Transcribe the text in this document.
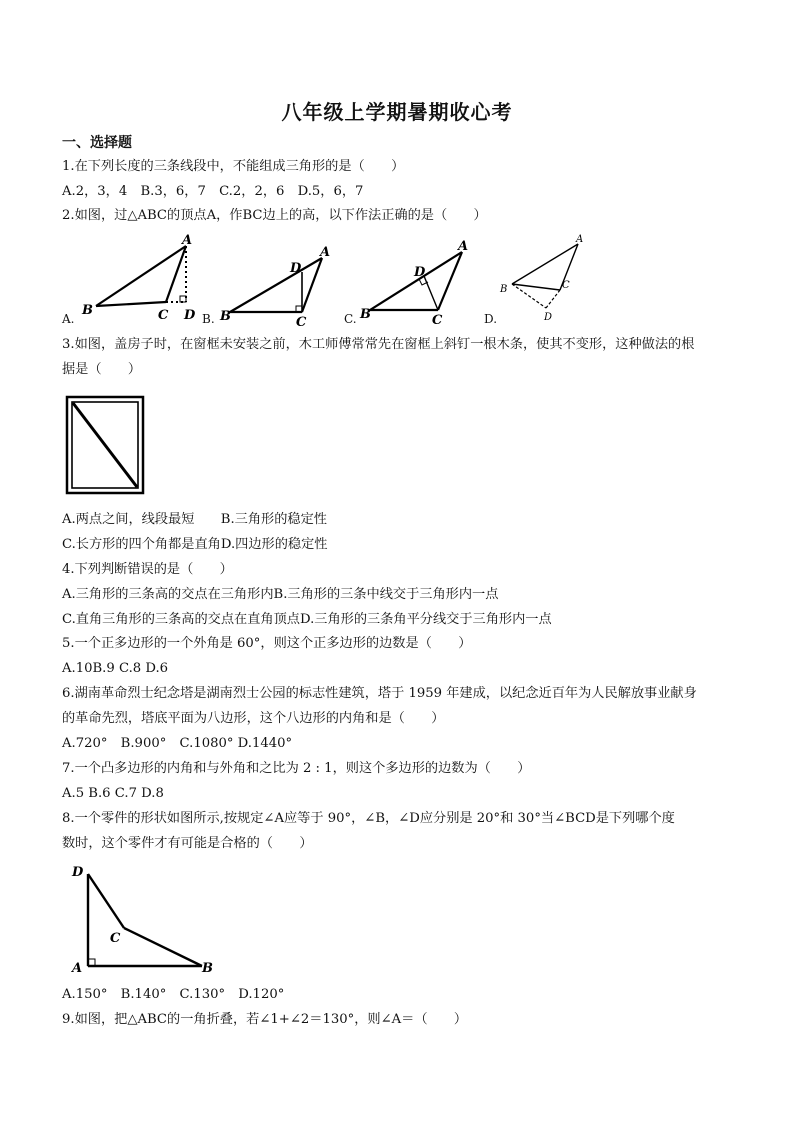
八年级上学期暑期收心考
一、选择题
1.在下列长度的三条线段中，不能组成三角形的是（　　）
A.2，3，4　B.3，6，7　C.2，2，6　D.5，6，7
2.如图，过△ABC的顶点A，作BC边上的高，以下作法正确的是（　　）
A
B	C D
A
B	C
D
A
B	C
D
A
B	C
D
A.	B.	C.	D.
3.如图，盖房子时，在窗框未安装之前，木工师傅常常先在窗框上斜钉一根木条，使其不变形，这种做法的根
据是（　　）
A.两点之间，线段最短　　B.三角形的稳定性
C.长方形的四个角都是直角D.四边形的稳定性
4.下列判断错误的是（　　）
A.三角形的三条高的交点在三角形内B.三角形的三条中线交于三角形内一点
C.直角三角形的三条高的交点在直角顶点D.三角形的三条角平分线交于三角形内一点
5.一个正多边形的一个外角是 60°，则这个正多边形的边数是（　　）
A.10B.9 C.8 D.6
6.湖南革命烈士纪念塔是湖南烈士公园的标志性建筑，塔于 1959 年建成，以纪念近百年为人民解放事业献身
的革命先烈，塔底平面为八边形，这个八边形的内角和是（　　）
A.720°　B.900°　C.1080° D.1440°
7.一个凸多边形的内角和与外角和之比为 2 : 1，则这个多边形的边数为（　　）
A.5 B.6 C.7 D.8
8.一个零件的形状如图所示,按规定∠A应等于 90°，∠B，∠D应分别是 20°和 30°当∠BCD是下列哪个度
数时，这个零件才有可能是合格的（　　）
D
C
A	B
A.150°　B.140°　C.130°　D.120°
9.如图，把△ABC的一角折叠，若∠1+∠2＝130°，则∠A＝（　　）
